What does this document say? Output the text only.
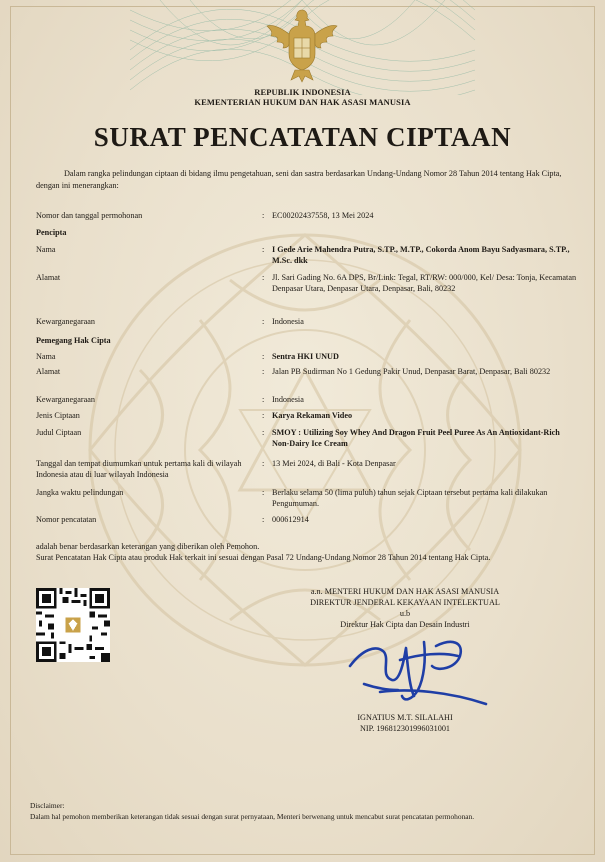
REPUBLIK INDONESIA
KEMENTERIAN HUKUM DAN HAK ASASI MANUSIA
SURAT PENCATATAN CIPTAAN
Dalam rangka pelindungan ciptaan di bidang ilmu pengetahuan, seni dan sastra berdasarkan Undang-Undang Nomor 28 Tahun 2014 tentang Hak Cipta, dengan ini menerangkan:
Nomor dan tanggal permohonan	: EC00202437558, 13 Mei 2024
Pencipta
Nama	: I Gede Arie Mahendra Putra, S.TP., M.TP., Cokorda Anom Bayu Sadyasmara, S.TP., M.Sc. dkk
Alamat	: Jl. Sari Gading No. 6A DPS, Br/Link: Tegal, RT/RW: 000/000, Kel/ Desa: Tonja, Kecamatan Denpasar Utara, Denpasar Utara, Denpasar, Bali, 80232
Kewarganegaraan	: Indonesia
Pemegang Hak Cipta
Nama	: Sentra HKI UNUD
Alamat	: Jalan PB Sudirman No 1 Gedung Pakir Unud, Denpasar Barat, Denpasar, Bali 80232
Kewarganegaraan	: Indonesia
Jenis Ciptaan	: Karya Rekaman Video
Judul Ciptaan	: SMOY : Utilizing Soy Whey And Dragon Fruit Peel Puree As An Antioxidant-Rich Non-Dairy Ice Cream
Tanggal dan tempat diumumkan untuk pertama kali di wilayah Indonesia atau di luar wilayah Indonesia
: 13 Mei 2024, di Bali - Kota Denpasar
Jangka waktu pelindungan	: Berlaku selama 50 (lima puluh) tahun sejak Ciptaan tersebut pertama kali dilakukan Pengumuman.
Nomor pencatatan	: 000612914
adalah benar berdasarkan keterangan yang diberikan oleh Pemohon.
Surat Pencatatan Hak Cipta atau produk Hak terkait ini sesuai dengan Pasal 72 Undang-Undang Nomor 28 Tahun 2014 tentang Hak Cipta.
a.n. MENTERI HUKUM DAN HAK ASASI MANUSIA
DIREKTUR JENDERAL KEKAYAAN INTELEKTUAL
u.b
Direktur Hak Cipta dan Desain Industri
IGNATIUS M.T. SILALAHI
NIP. 196812301996031001
Disclaimer:
Dalam hal pemohon memberikan keterangan tidak sesuai dengan surat pernyataan, Menteri berwenang untuk mencabut surat pencatatan permohonan.
